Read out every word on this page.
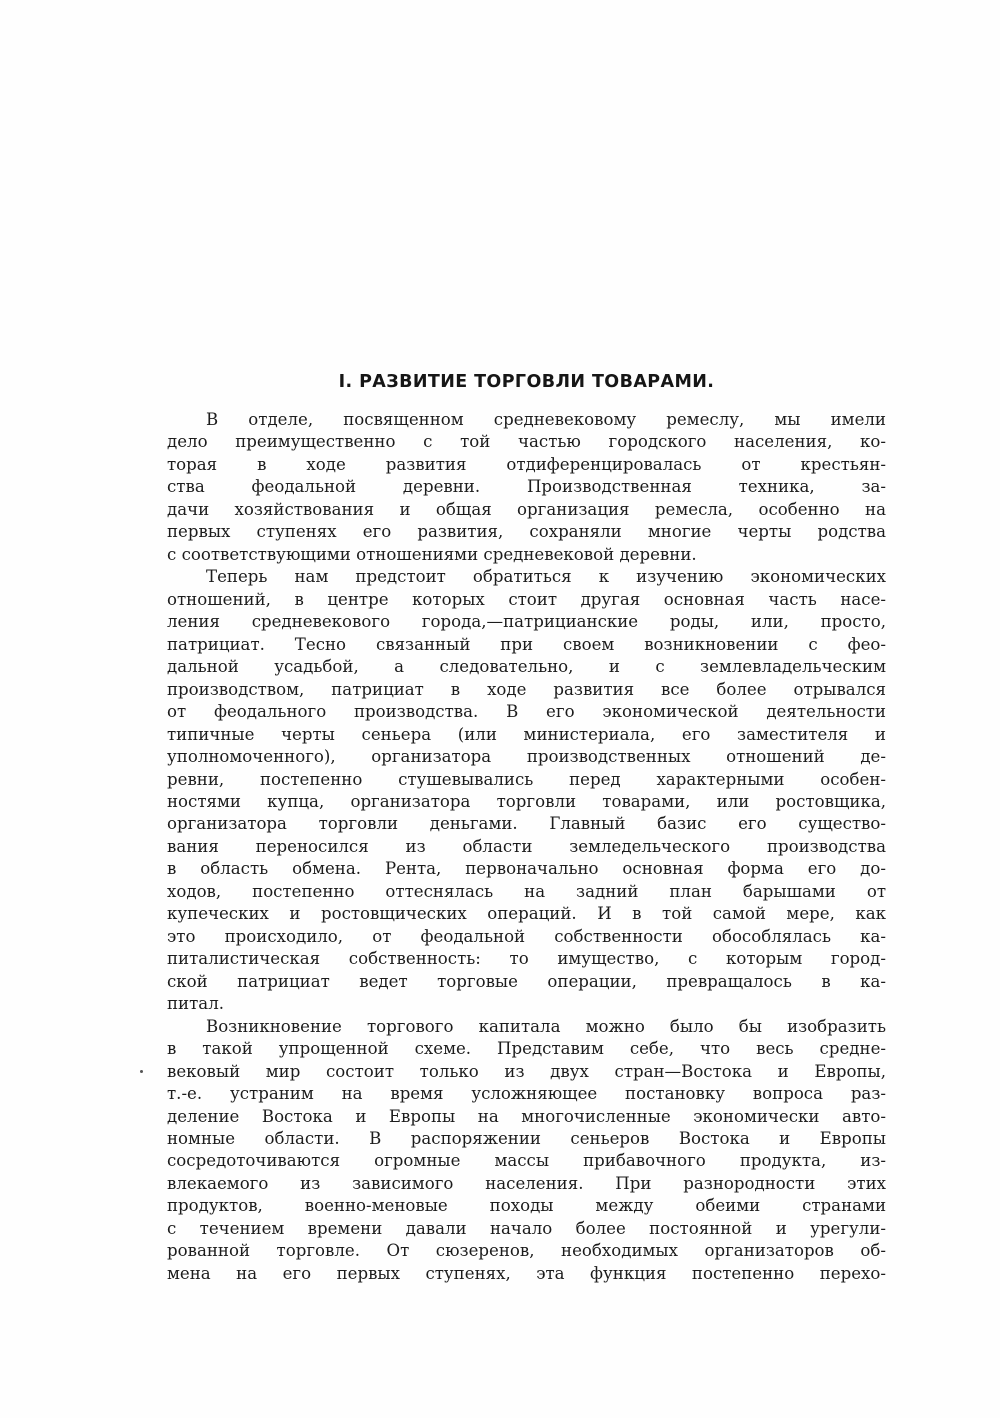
I. РАЗВИТИЕ ТОРГОВЛИ ТОВАРАМИ.
В отделе, посвященном средневековому ремеслу, мы имели
дело преимущественно с той частью городского населения, ко-
торая в ходе развития отдиференцировалась от крестьян-
ства феодальной деревни. Производственная техника, за-
дачи хозяйствования и общая организация ремесла, особенно на
первых ступенях его развития, сохраняли многие черты родства
с соответствующими отношениями средневековой деревни.
Теперь нам предстоит обратиться к изучению экономических
отношений, в центре которых стоит другая основная часть насе-
ления средневекового города,—патрицианские роды, или, просто,
патрициат. Тесно связанный при своем возникновении с фео-
дальной усадьбой, а следовательно, и с землевладельческим
производством, патрициат в ходе развития все более отрывался
от феодального производства. В его экономической деятельности
типичные черты сеньера (или министериала, его заместителя и
уполномоченного), организатора производственных отношений де-
ревни, постепенно стушевывались перед характерными особен-
ностями купца, организатора торговли товарами, или ростовщика,
организатора торговли деньгами. Главный базис его существо-
вания переносился из области земледельческого производства
в область обмена. Рента, первоначально основная форма его до-
ходов, постепенно оттеснялась на задний план барышами от
купеческих и ростовщических операций. И в той самой мере, как
это происходило, от феодальной собственности обособлялась ка-
питалистическая собственность: то имущество, с которым город-
ской патрициат ведет торговые операции, превращалось в ка-
питал.
Возникновение торгового капитала можно было бы изобразить
в такой упрощенной схеме. Представим себе, что весь средне-
вековый мир состоит только из двух стран—Востока и Европы,
т.-е. устраним на время усложняющее постановку вопроса раз-
деление Востока и Европы на многочисленные экономически авто-
номные области. В распоряжении сеньеров Востока и Европы
сосредоточиваются огромные массы прибавочного продукта, из-
влекаемого из зависимого населения. При разнородности этих
продуктов, военно-меновые походы между обеими странами
с течением времени давали начало более постоянной и урегули-
рованной торговле. От сюзеренов, необходимых организаторов об-
мена на его первых ступенях, эта функция постепенно перехо-
